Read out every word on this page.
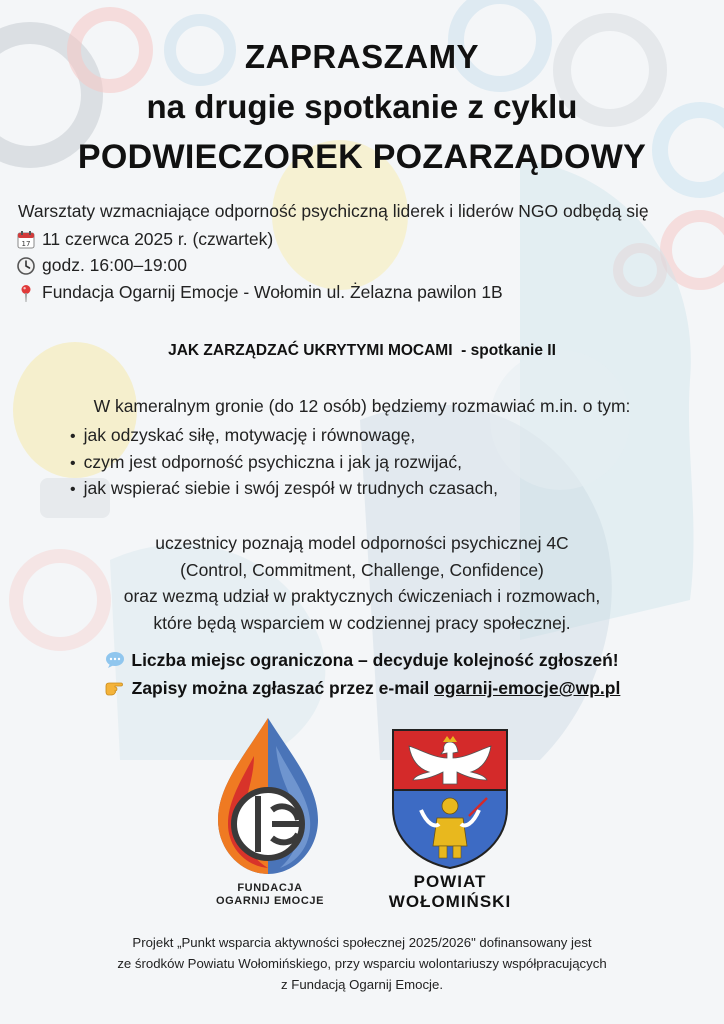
ZAPRASZAMY
na drugie spotkanie z cyklu
PODWIECZOREK POZARZĄDOWY
Warsztaty wzmacniające odporność psychiczną liderek i liderów NGO odbędą się
17 11 czerwca 2025 r. (czwartek)
godz. 16:00–19:00
Fundacja Ogarnij Emocje - Wołomin ul. Żelazna pawilon 1B
JAK ZARZĄDZAĆ UKRYTYMI MOCAMI  - spotkanie II
W kameralnym gronie (do 12 osób) będziemy rozmawiać m.in. o tym:
• jak odzyskać siłę, motywację i równowagę,
• czym jest odporność psychiczna i jak ją rozwijać,
• jak wspierać siebie i swój zespół w trudnych czasach,
uczestnicy poznają model odporności psychicznej 4C
(Control, Commitment, Challenge, Confidence)
oraz wezmą udział w praktycznych ćwiczeniach i rozmowach,
które będą wsparciem w codziennej pracy społecznej.
Liczba miejsc ograniczona – decyduje kolejność zgłoszeń!
Zapisy można zgłaszać przez e-mail ogarnij-emocje@wp.pl
FUNDACJA
OGARNIJ EMOCJE
POWIAT
WOŁOMIŃSKI
Projekt „Punkt wsparcia aktywności społecznej 2025/2026" dofinansowany jest
ze środków Powiatu Wołomińskiego, przy wsparciu wolontariuszy współpracujących
z Fundacją Ogarnij Emocje.
